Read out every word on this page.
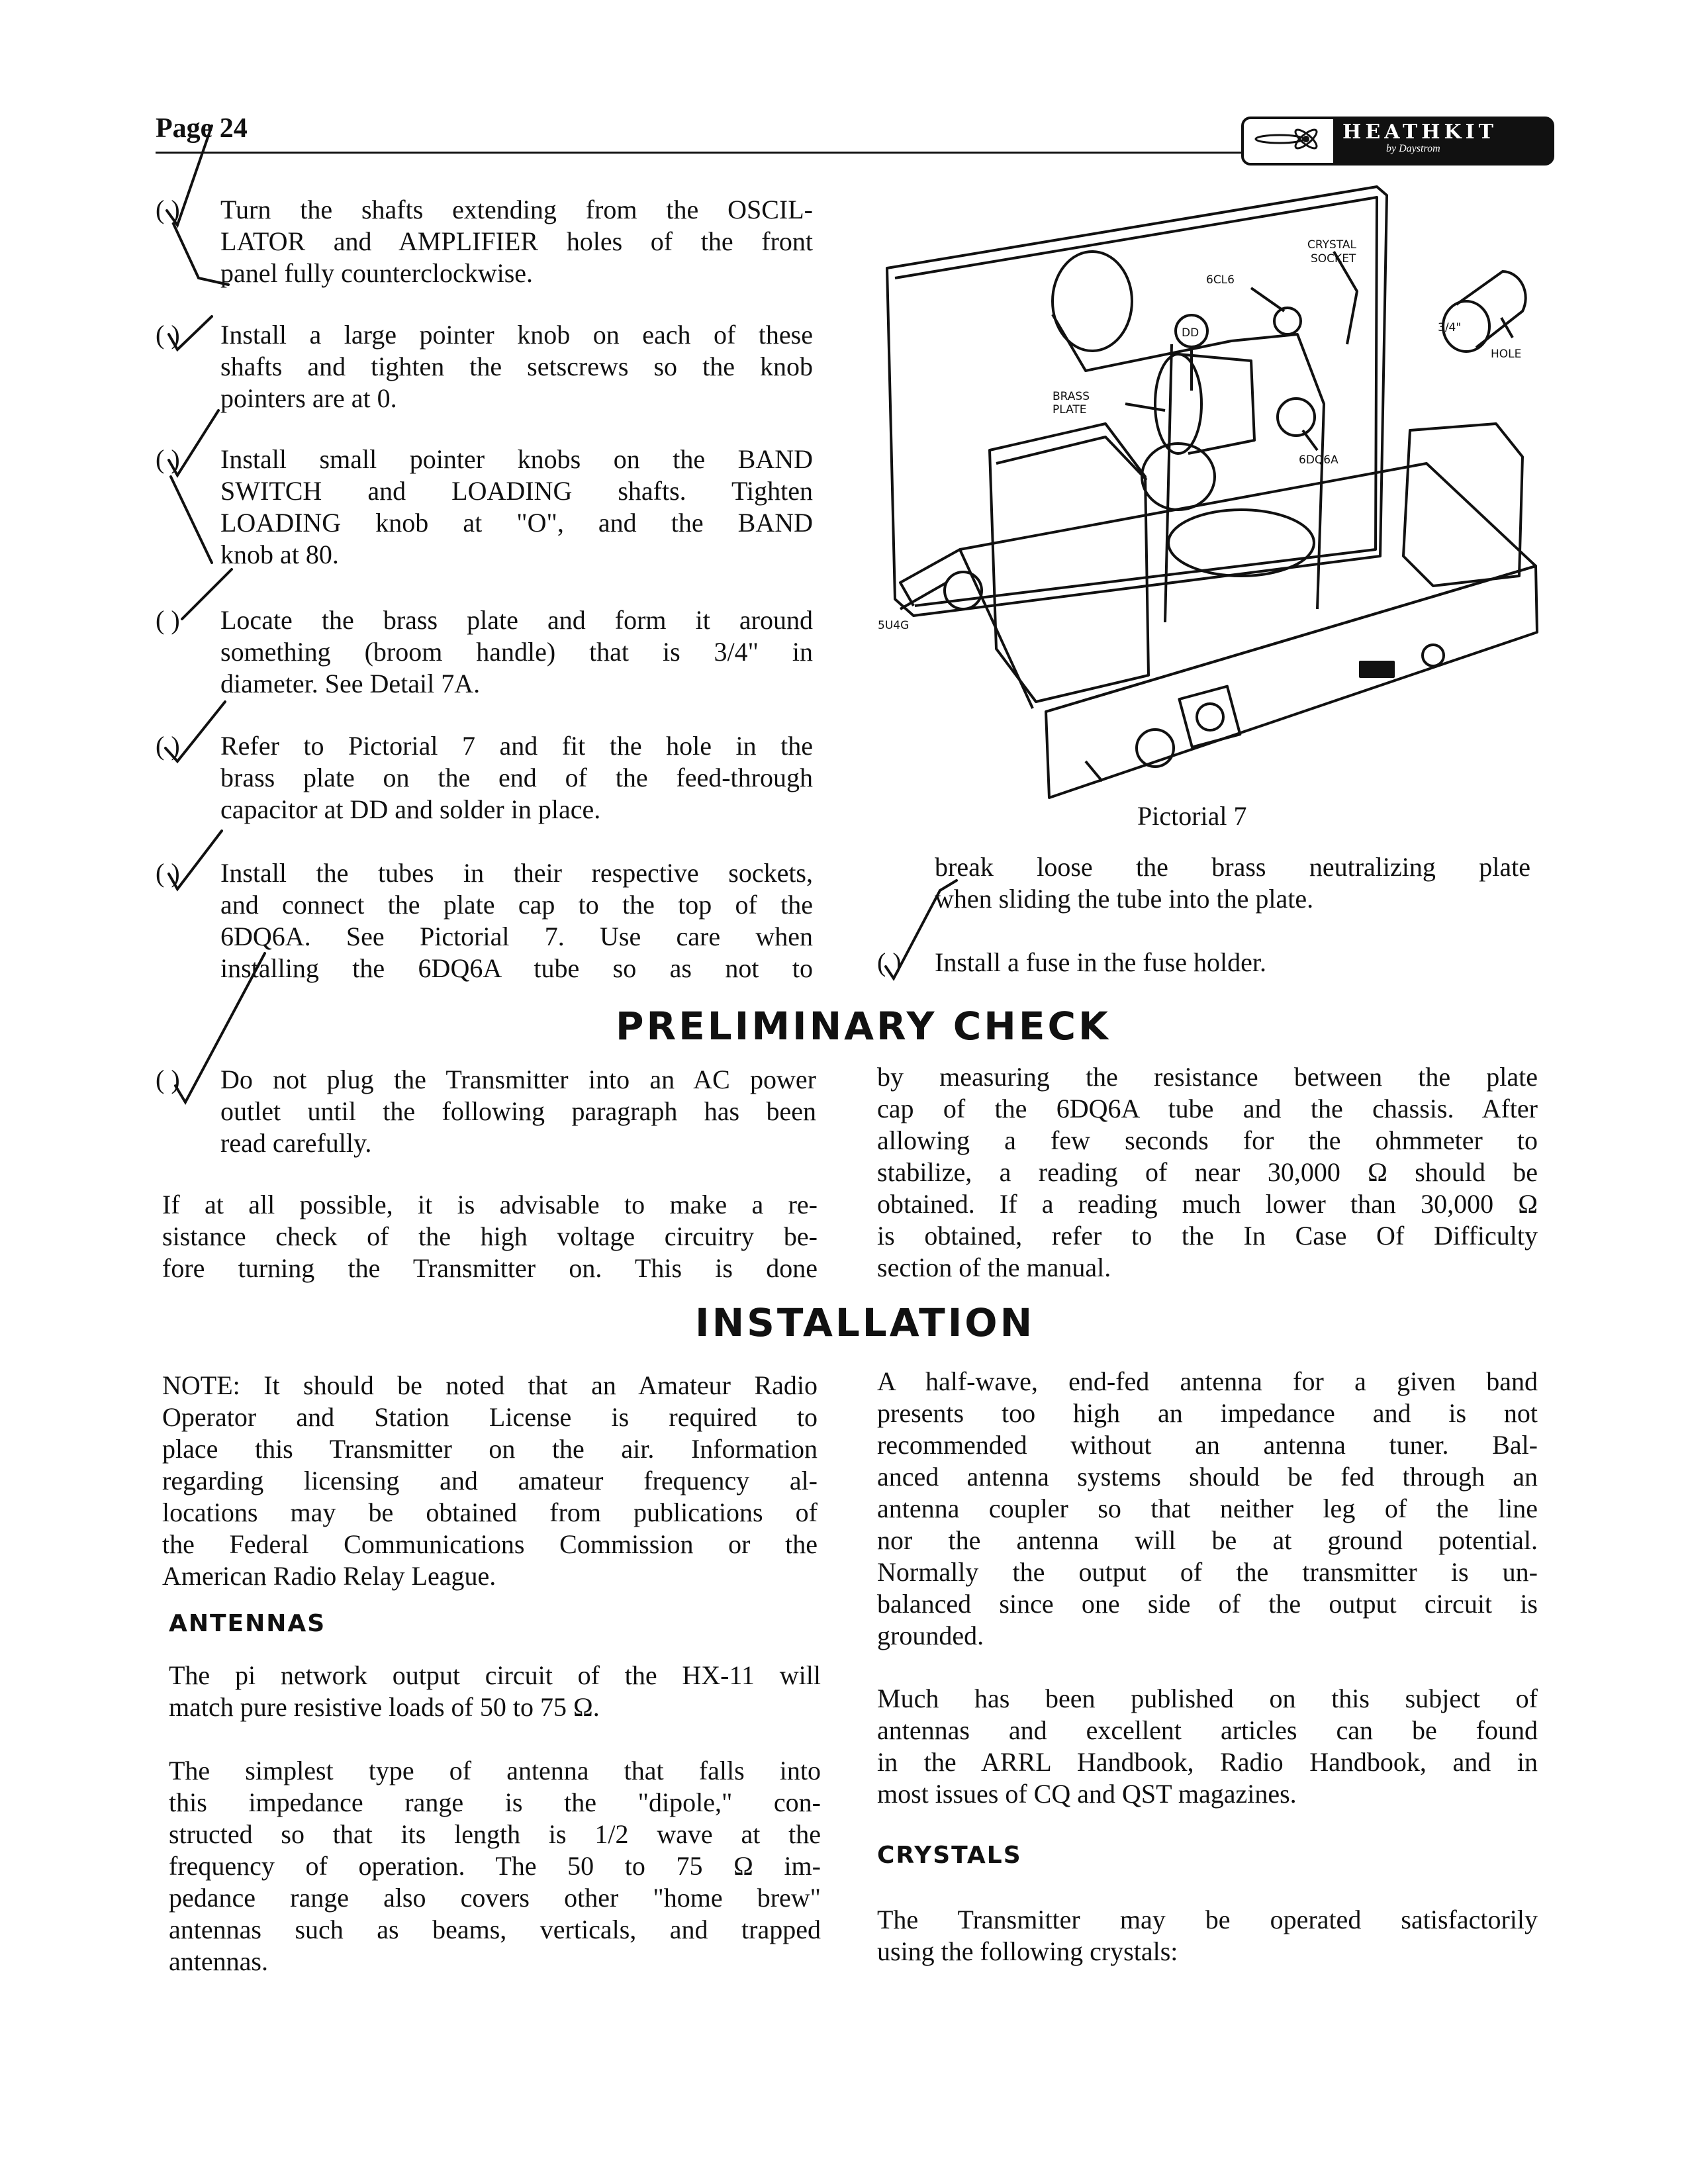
Page 24	HEATHKIT
by Daystrom
( ) Turn the shafts extending from the OSCIL-
LATOR and AMPLIFIER holes of the front
panel fully counterclockwise.
( ) Install a large pointer knob on each of these
shafts and tighten the setscrews so the knob
pointers are at 0.
( ) Install small pointer knobs on the BAND
SWITCH and LOADING shafts. Tighten
LOADING knob at "O", and the BAND
knob at 80.
( ) Locate the brass plate and form it around
something (broom handle) that is 3/4" in
diameter. See Detail 7A.
( ) Refer to Pictorial 7 and fit the hole in the
brass plate on the end of the feed-through
capacitor at DD and solder in place.
( ) Install the tubes in their respective sockets,
and connect the plate cap to the top of the
6DQ6A. See Pictorial 7. Use care when
installing the 6DQ6A tube so as not to
CRYSTAL
SOCKET
6CL6
DD
BRASS
PLATE
6DQ6A
3/4"
HOLE
5U4G
Pictorial 7
break loose the brass neutralizing plate
when sliding the tube into the plate.
( ) Install a fuse in the fuse holder.
PRELIMINARY CHECK
( ) Do not plug the Transmitter into an AC power
outlet until the following paragraph has been
read carefully.
If at all possible, it is advisable to make a re-
sistance check of the high voltage circuitry be-
fore turning the Transmitter on. This is done
by measuring the resistance between the plate
cap of the 6DQ6A tube and the chassis. After
allowing a few seconds for the ohmmeter to
stabilize, a reading of near 30,000 Ω should be
obtained. If a reading much lower than 30,000 Ω
is obtained, refer to the In Case Of Difficulty
section of the manual.
INSTALLATION
NOTE: It should be noted that an Amateur Radio
Operator and Station License is required to
place this Transmitter on the air. Information
regarding licensing and amateur frequency al-
locations may be obtained from publications of
the Federal Communications Commission or the
American Radio Relay League.
ANTENNAS
The pi network output circuit of the HX-11 will
match pure resistive loads of 50 to 75 Ω.
The simplest type of antenna that falls into
this impedance range is the "dipole," con-
structed so that its length is 1/2 wave at the
frequency of operation. The 50 to 75 Ω im-
pedance range also covers other "home brew"
antennas such as beams, verticals, and trapped
antennas.
A half-wave, end-fed antenna for a given band
presents too high an impedance and is not
recommended without an antenna tuner. Bal-
anced antenna systems should be fed through an
antenna coupler so that neither leg of the line
nor the antenna will be at ground potential.
Normally the output of the transmitter is un-
balanced since one side of the output circuit is
grounded.
Much has been published on this subject of
antennas and excellent articles can be found
in the ARRL Handbook, Radio Handbook, and in
most issues of CQ and QST magazines.
CRYSTALS
The Transmitter may be operated satisfactorily
using the following crystals:
